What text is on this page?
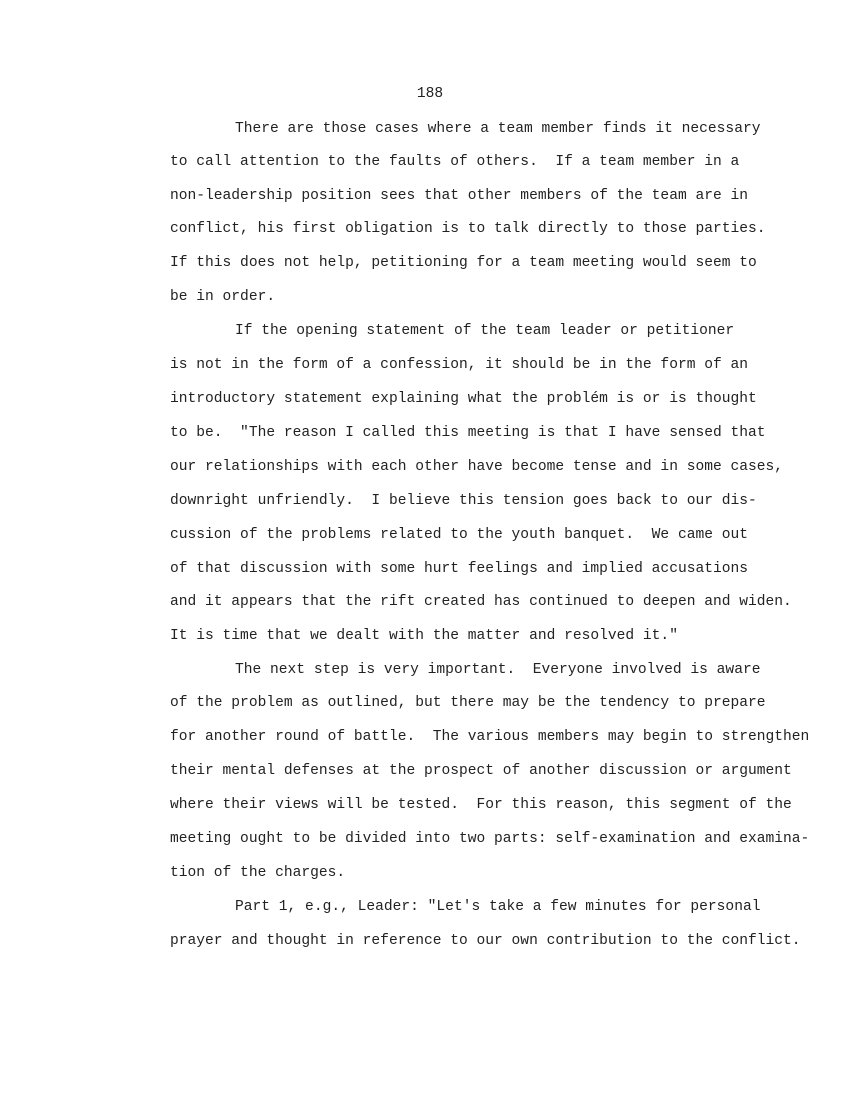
188
There are those cases where a team member finds it necessary
to call attention to the faults of others.  If a team member in a
non-leadership position sees that other members of the team are in
conflict, his first obligation is to talk directly to those parties.
If this does not help, petitioning for a team meeting would seem to
be in order.
If the opening statement of the team leader or petitioner
is not in the form of a confession, it should be in the form of an
introductory statement explaining what the problém is or is thought
to be.  "The reason I called this meeting is that I have sensed that
our relationships with each other have become tense and in some cases,
downright unfriendly.  I believe this tension goes back to our dis-
cussion of the problems related to the youth banquet.  We came out
of that discussion with some hurt feelings and implied accusations
and it appears that the rift created has continued to deepen and widen.
It is time that we dealt with the matter and resolved it."
The next step is very important.  Everyone involved is aware
of the problem as outlined, but there may be the tendency to prepare
for another round of battle.  The various members may begin to strengthen
their mental defenses at the prospect of another discussion or argument
where their views will be tested.  For this reason, this segment of the
meeting ought to be divided into two parts: self-examination and examina-
tion of the charges.
Part 1, e.g., Leader: "Let's take a few minutes for personal
prayer and thought in reference to our own contribution to the conflict.
